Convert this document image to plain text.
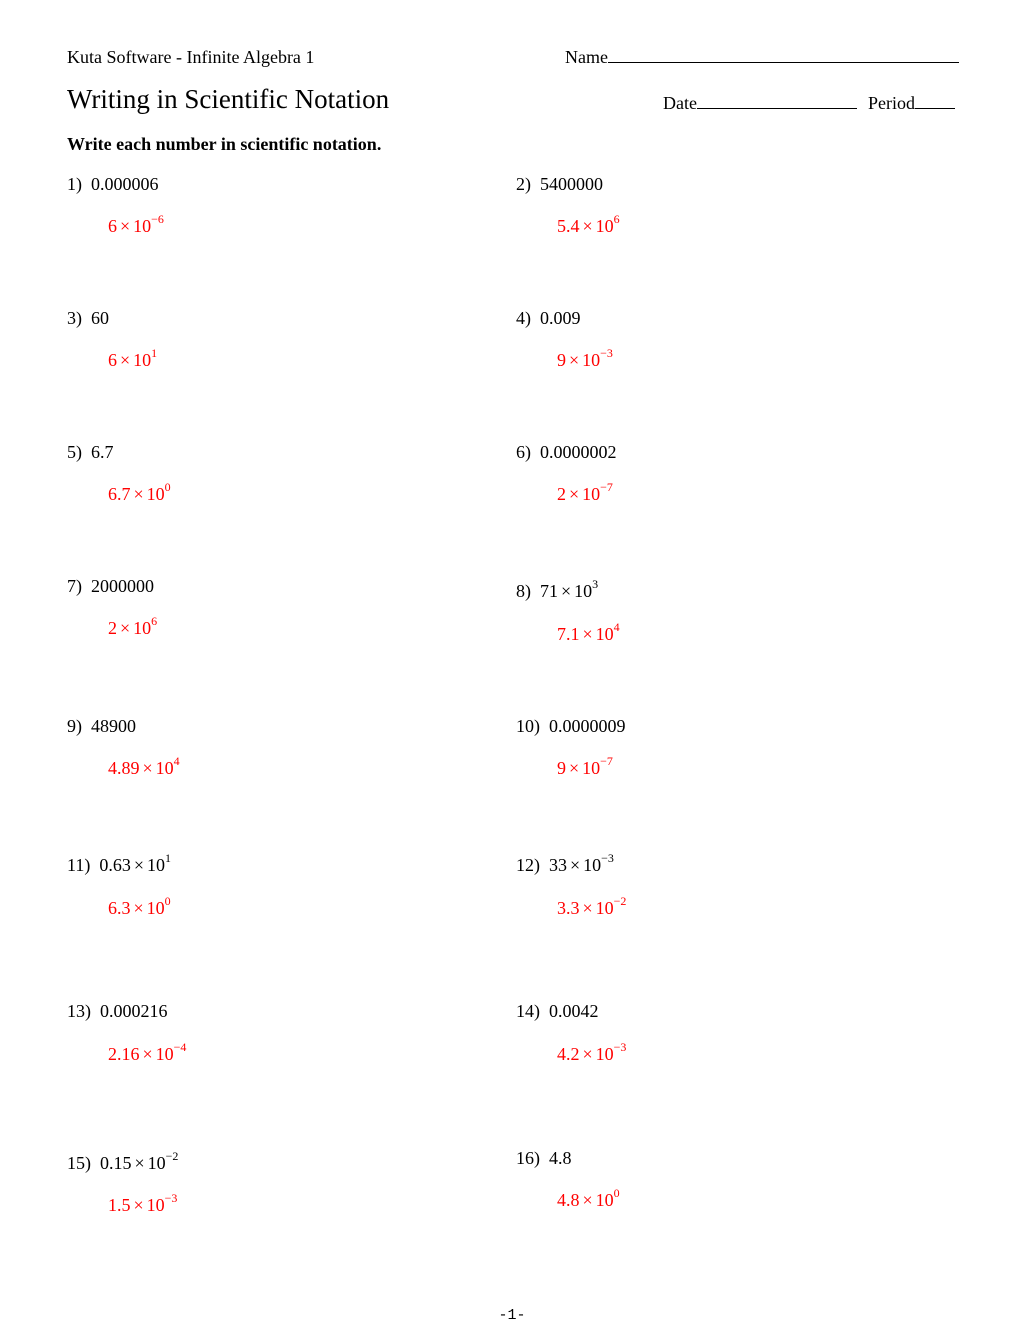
Kuta Software - Infinite Algebra 1	Name
Writing in Scientific Notation	Date	Period
Write each number in scientific notation.
1) 0.000006
$6 \times 10^{-6}$
2) 5400000
$5.4 \times 10^6$
3) 60
$6 \times 10^1$
4) 0.009
$9 \times 10^{-3}$
5) 6.7
$6.7 \times 10^0$
6) 0.0000002
$2 \times 10^{-7}$
7) 2000000
$2 \times 10^6$
8) $71 \times 10^3$
$7.1 \times 10^4$
9) 48900
$4.89 \times 10^4$
10) 0.0000009
$9 \times 10^{-7}$
11) $0.63 \times 10^1$
$6.3 \times 10^0$
12) $33 \times 10^{-3}$
$3.3 \times 10^{-2}$
13) 0.000216
$2.16 \times 10^{-4}$
14) 0.0042
$4.2 \times 10^{-3}$
15) $0.15 \times 10^{-2}$
$1.5 \times 10^{-3}$
16) 4.8
$4.8 \times 10^0$
-1-
